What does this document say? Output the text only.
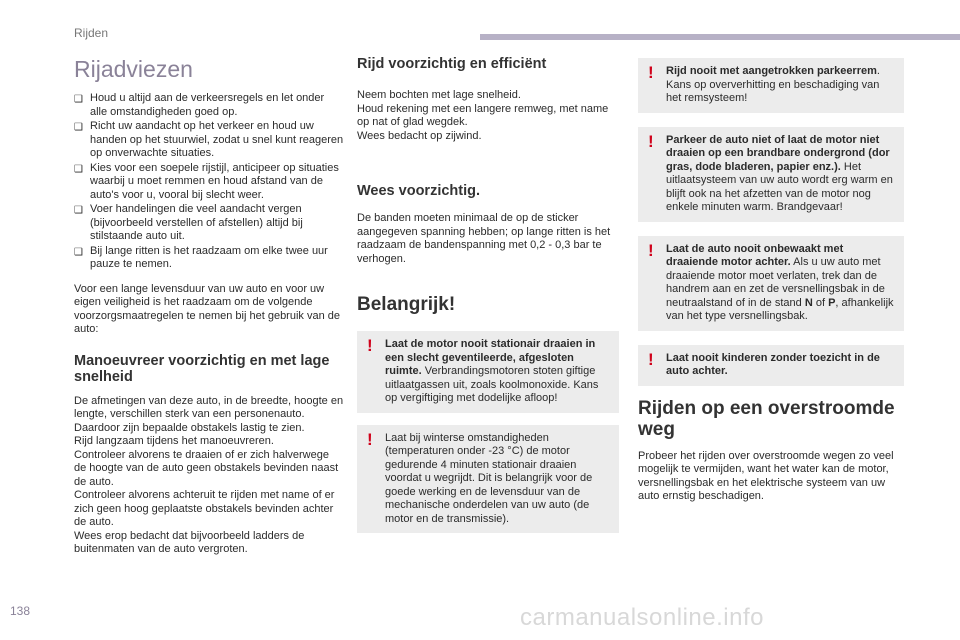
Rijden
Rijadviezen
❑ Houd u altijd aan de verkeersregels en let onder alle omstandigheden goed op.
❑ Richt uw aandacht op het verkeer en houd uw handen op het stuurwiel, zodat u snel kunt reageren op onverwachte situaties.
❑ Kies voor een soepele rijstijl, anticipeer op situaties waarbij u moet remmen en houd afstand van de auto's voor u, vooral bij slecht weer.
❑ Voer handelingen die veel aandacht vergen (bijvoorbeeld verstellen of afstellen) altijd bij stilstaande auto uit.
❑ Bij lange ritten is het raadzaam om elke twee uur pauze te nemen.

Voor een lange levensduur van uw auto en voor uw eigen veiligheid is het raadzaam om de volgende voorzorgsmaatregelen te nemen bij het gebruik van de auto:

Manoeuvreer voorzichtig en met lage snelheid

De afmetingen van deze auto, in de breedte, hoogte en lengte, verschillen sterk van een personenauto. Daardoor zijn bepaalde obstakels lastig te zien.

Rijd langzaam tijdens het manoeuvreren.

Controleer alvorens te draaien of er zich halverwege de hoogte van de auto geen obstakels bevinden naast de auto.

Controleer alvorens achteruit te rijden met name of er zich geen hoog geplaatste obstakels bevinden achter de auto.

Wees erop bedacht dat bijvoorbeeld ladders de buitenmaten van de auto vergroten.

Rijd voorzichtig en efficiënt

Neem bochten met lage snelheid.

Houd rekening met een langere remweg, met name op nat of glad wegdek.

Wees bedacht op zijwind.

Wees voorzichtig.

De banden moeten minimaal de op de sticker aangegeven spanning hebben; op lange ritten is het raadzaam de bandenspanning met 0,2 - 0,3 bar te verhogen.

Belangrijk!
! Laat de motor nooit stationair draaien in een slecht geventileerde, afgesloten ruimte. Verbrandingsmotoren stoten giftige uitlaatgassen uit, zoals koolmonoxide. Kans op vergiftiging met dodelijke afloop!
! Laat bij winterse omstandigheden (temperaturen onder -23 °C) de motor gedurende 4 minuten stationair draaien voordat u wegrijdt. Dit is belangrijk voor de goede werking en de levensduur van de mechanische onderdelen van uw auto (de motor en de transmissie).
! Rijd nooit met aangetrokken parkeerrem. Kans op oververhitting en beschadiging van het remsysteem!
! Parkeer de auto niet of laat de motor niet draaien op een brandbare ondergrond (dor gras, dode bladeren, papier enz.). Het uitlaatsysteem van uw auto wordt erg warm en blijft ook na het afzetten van de motor nog enkele minuten warm. Brandgevaar!
! Laat de auto nooit onbewaakt met draaiende motor achter. Als u uw auto met draaiende motor moet verlaten, trek dan de handrem aan en zet de versnellingsbak in de neutraalstand of in de stand N of P, afhankelijk van het type versnellingsbak.
! Laat nooit kinderen zonder toezicht in de auto achter.
Rijden op een overstroomde weg

Probeer het rijden over overstroomde wegen zo veel mogelijk te vermijden, want het water kan de motor, versnellingsbak en het elektrische systeem van uw auto ernstig beschadigen.

138	carmanualsonline.info
